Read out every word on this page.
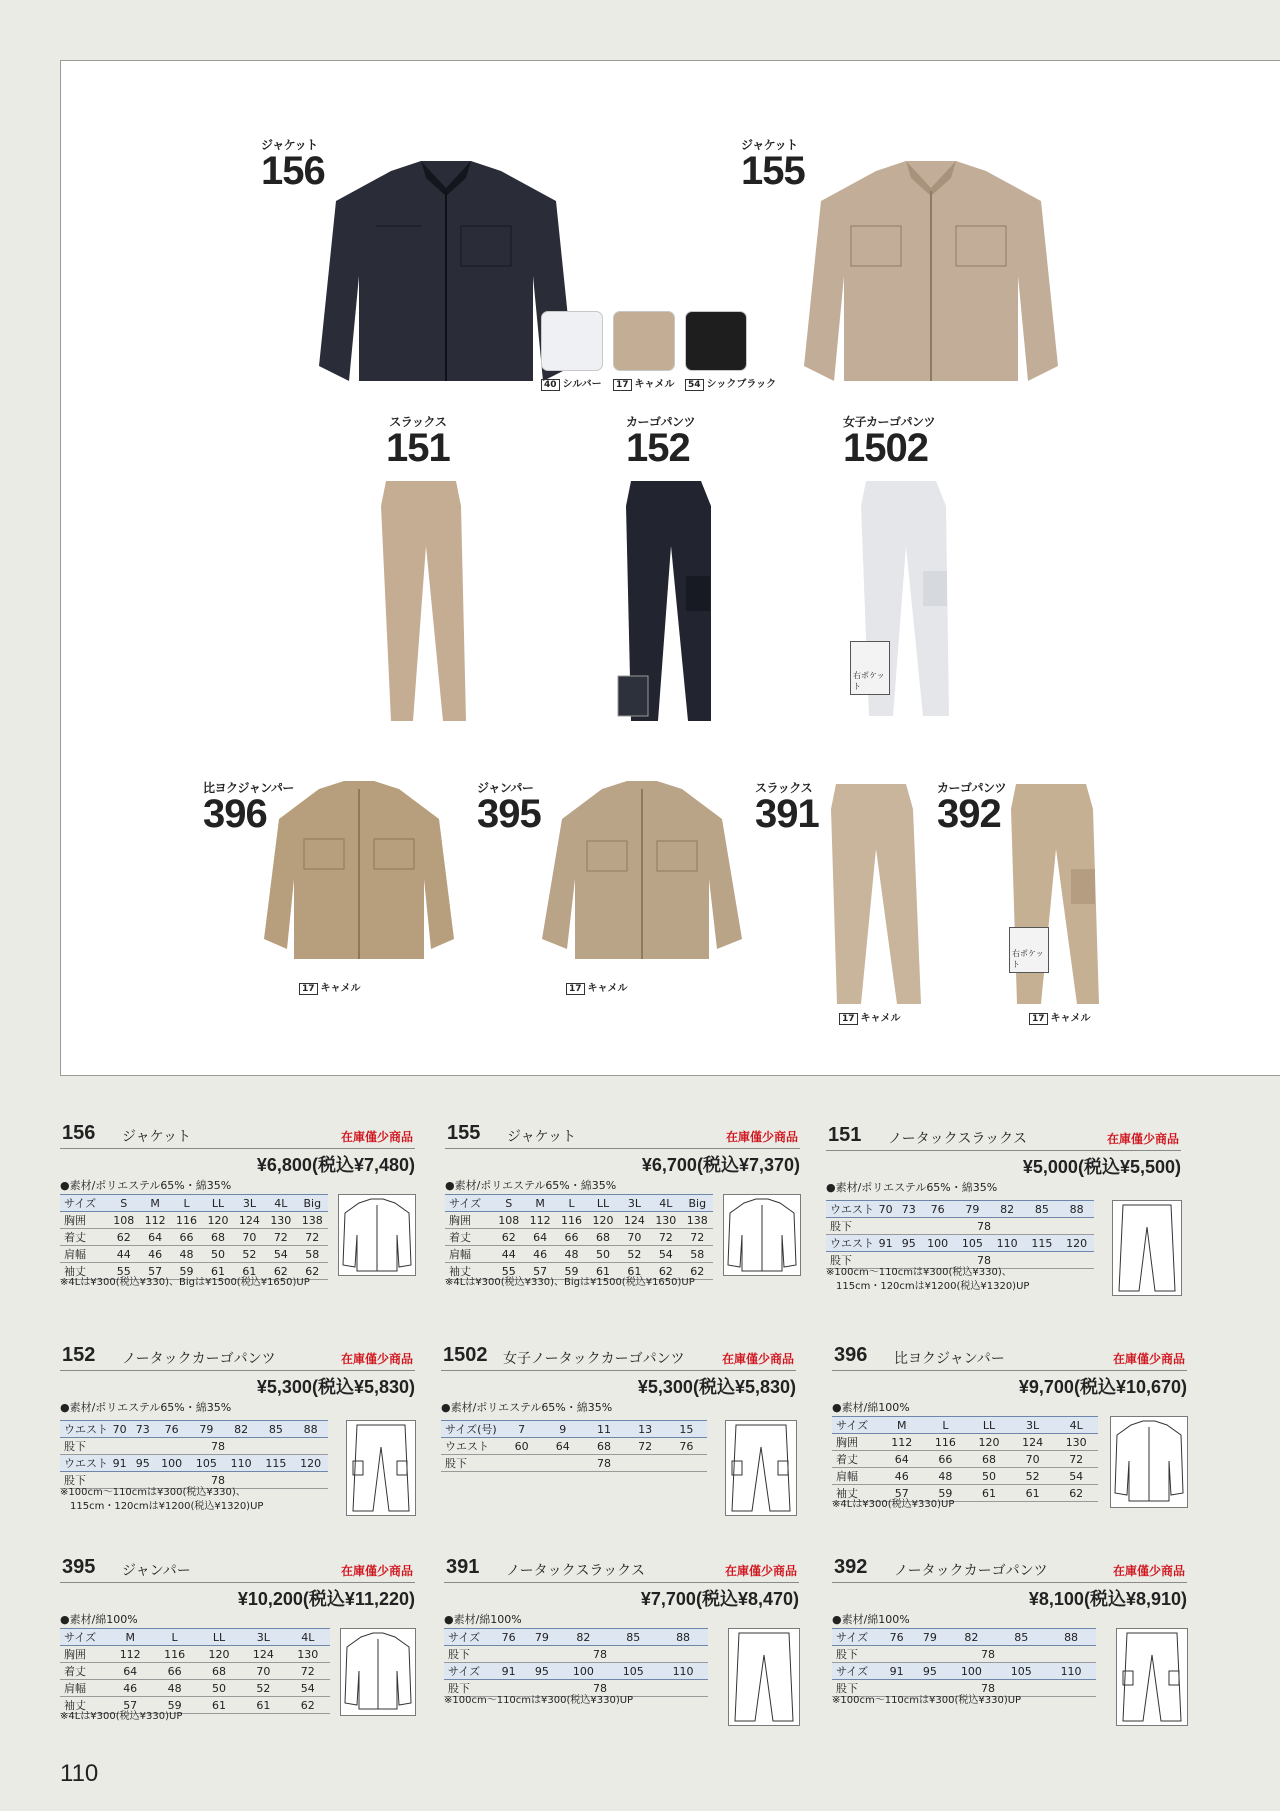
ジャケット
156
ジャケット
155
40 シルバー	17 キャメル	54 シックブラック
スラックス
151
カーゴパンツ
152
女子カーゴパンツ
1502
右ポケット
比ヨクジャンパー
396
17 キャメル
ジャンパー
395
17 キャメル
スラックス
391
17 キャメル
カーゴパンツ
392
右ポケット
17 キャメル
156 ジャケット	在庫僅少商品
¥6,800(税込¥7,480)
●素材/ポリエステル65%・綿35%
サイズ	S	M	L	LL	3L	4L	Big
胸囲	108	112	116	120	124	130	138
着丈	62	64	66	68	70	72	72
肩幅	44	46	48	50	52	54	58
袖丈	55	57	59	61	61	62	62
※4Lは¥300(税込¥330)、Bigは¥1500(税込¥1650)UP
155 ジャケット	在庫僅少商品
¥6,700(税込¥7,370)
●素材/ポリエステル65%・綿35%
サイズ	S	M	L	LL	3L	4L	Big
胸囲	108	112	116	120	124	130	138
着丈	62	64	66	68	70	72	72
肩幅	44	46	48	50	52	54	58
袖丈	55	57	59	61	61	62	62
※4Lは¥300(税込¥330)、Bigは¥1500(税込¥1650)UP
151 ノータックスラックス	在庫僅少商品
¥5,000(税込¥5,500)
●素材/ポリエステル65%・綿35%
ウエスト	70	73	76	79	82	85	88
股下	78						
ウエスト	91	95	100	105	110	115	120
股下	78						
※100cm～110cmは¥300(税込¥330)、
115cm・120cmは¥1200(税込¥1320)UP
152 ノータックカーゴパンツ	在庫僅少商品
¥5,300(税込¥5,830)
●素材/ポリエステル65%・綿35%
ウエスト	70	73	76	79	82	85	88
股下	78						
ウエスト	91	95	100	105	110	115	120
股下	78						
※100cm～110cmは¥300(税込¥330)、
115cm・120cmは¥1200(税込¥1320)UP
1502 女子ノータックカーゴパンツ	在庫僅少商品
¥5,300(税込¥5,830)
●素材/ポリエステル65%・綿35%
サイズ(号)	7	9	11	13	15
ウエスト	60	64	68	72	76
股下	78				
396 比ヨクジャンパー	在庫僅少商品
¥9,700(税込¥10,670)
●素材/綿100%
サイズ	M	L	LL	3L	4L
胸囲	112	116	120	124	130
着丈	64	66	68	70	72
肩幅	46	48	50	52	54
袖丈	57	59	61	61	62
※4Lは¥300(税込¥330)UP
395 ジャンパー	在庫僅少商品
¥10,200(税込¥11,220)
●素材/綿100%
サイズ	M	L	LL	3L	4L
胸囲	112	116	120	124	130
着丈	64	66	68	70	72
肩幅	46	48	50	52	54
袖丈	57	59	61	61	62
※4Lは¥300(税込¥330)UP
391 ノータックスラックス	在庫僅少商品
¥7,700(税込¥8,470)
●素材/綿100%
サイズ	76	79	82	85	88
股下	78				
サイズ	91	95	100	105	110
股下	78				
※100cm～110cmは¥300(税込¥330)UP
392 ノータックカーゴパンツ	在庫僅少商品
¥8,100(税込¥8,910)
●素材/綿100%
サイズ	76	79	82	85	88
股下	78				
サイズ	91	95	100	105	110
股下	78				
※100cm～110cmは¥300(税込¥330)UP
110
